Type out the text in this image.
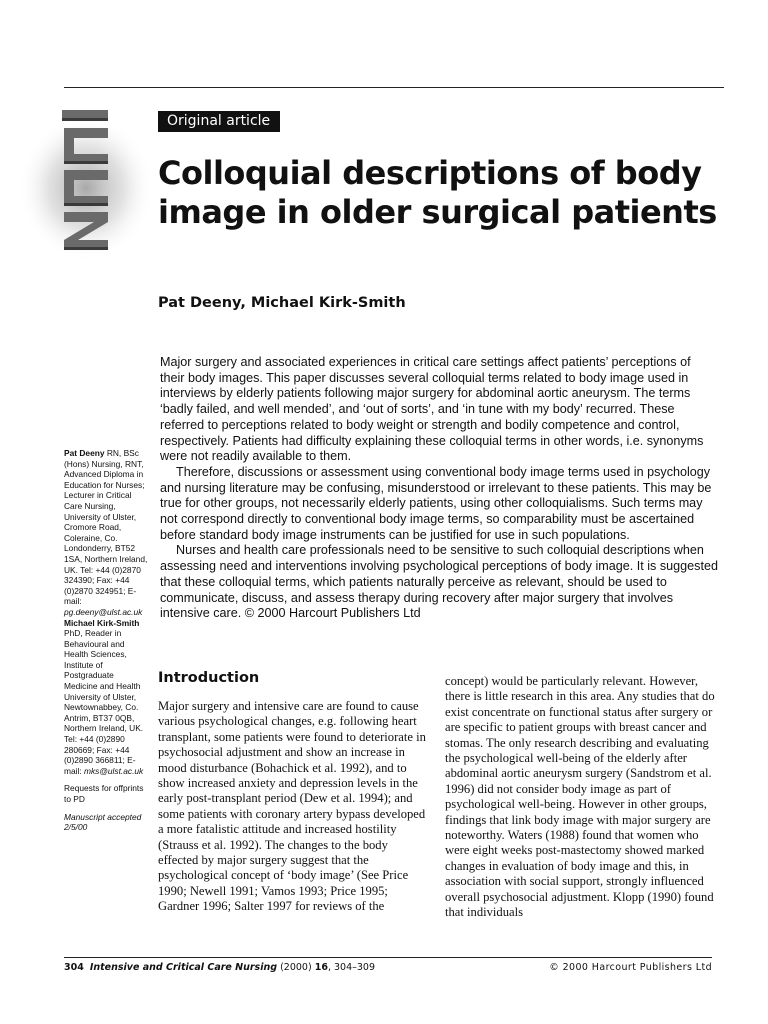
ICCN
Original article
Colloquial descriptions of body image in older surgical patients
Pat Deeny, Michael Kirk-Smith

Major surgery and associated experiences in critical care settings affect patients’ perceptions of their body images. This paper discusses several colloquial terms related to body image used in interviews by elderly patients following major surgery for abdominal aortic aneurysm. The terms ‘badly failed, and well mended’, and ‘out of sorts’, and ‘in tune with my body’ recurred. These referred to perceptions related to body weight or strength and bodily competence and control, respectively. Patients had difficulty explaining these colloquial terms in other words, i.e. synonyms were not readily available to them.

Therefore, discussions or assessment using conventional body image terms used in psychology and nursing literature may be confusing, misunderstood or irrelevant to these patients. This may be true for other groups, not necessarily elderly patients, using other colloquialisms. Such terms may not correspond directly to conventional body image terms, so comparability must be ascertained before standard body image instruments can be justified for use in such populations.

Nurses and health care professionals need to be sensitive to such colloquial descriptions when assessing need and interventions involving psychological perceptions of body image. It is suggested that these colloquial terms, which patients naturally perceive as relevant, should be used to communicate, discuss, and assess therapy during recovery after major surgery that involves intensive care. © 2000 Harcourt Publishers Ltd

Pat Deeny RN, BSc (Hons) Nursing, RNT, Advanced Diploma in Education for Nurses; Lecturer in Critical Care Nursing, University of Ulster, Cromore Road, Coleraine, Co. Londonderry, BT52 1SA, Northern Ireland, UK. Tel: +44 (0)2870 324390; Fax: +44 (0)2870 324951; E-mail: pg.deeny@ulst.ac.uk

Michael Kirk-Smith PhD, Reader in Behavioural and Health Sciences, Institute of Postgraduate Medicine and Health University of Ulster, Newtownabbey, Co. Antrim, BT37 0QB, Northern Ireland, UK. Tel: +44 (0)2890 280669; Fax: +44 (0)2890 366811; E-mail: mks@ulst.ac.uk

Requests for offprints to PD

Manuscript accepted 2/5/00

Introduction

Major surgery and intensive care are found to cause various psychological changes, e.g. following heart transplant, some patients were found to deteriorate in psychosocial adjustment and show an increase in mood disturbance (Bohachick et al. 1992), and to show increased anxiety and depression levels in the early post-transplant period (Dew et al. 1994); and some patients with coronary artery bypass developed a more fatalistic attitude and increased hostility (Strauss et al. 1992). The changes to the body effected by major surgery suggest that the psychological concept of ‘body image’ (See Price 1990; Newell 1991; Vamos 1993; Price 1995; Gardner 1996; Salter 1997 for reviews of the

concept) would be particularly relevant. However, there is little research in this area. Any studies that do exist concentrate on functional status after surgery or are specific to patient groups with breast cancer and stomas. The only research describing and evaluating the psychological well-being of the elderly after abdominal aortic aneurysm surgery (Sandstrom et al. 1996) did not consider body image as part of psychological well-being. However in other groups, findings that link body image with major surgery are noteworthy. Waters (1988) found that women who were eight weeks post-mastectomy showed marked changes in evaluation of body image and this, in association with social support, strongly influenced overall psychosocial adjustment. Klopp (1990) found that individuals

304 Intensive and Critical Care Nursing (2000) 16, 304–309	© 2000 Harcourt Publishers Ltd
